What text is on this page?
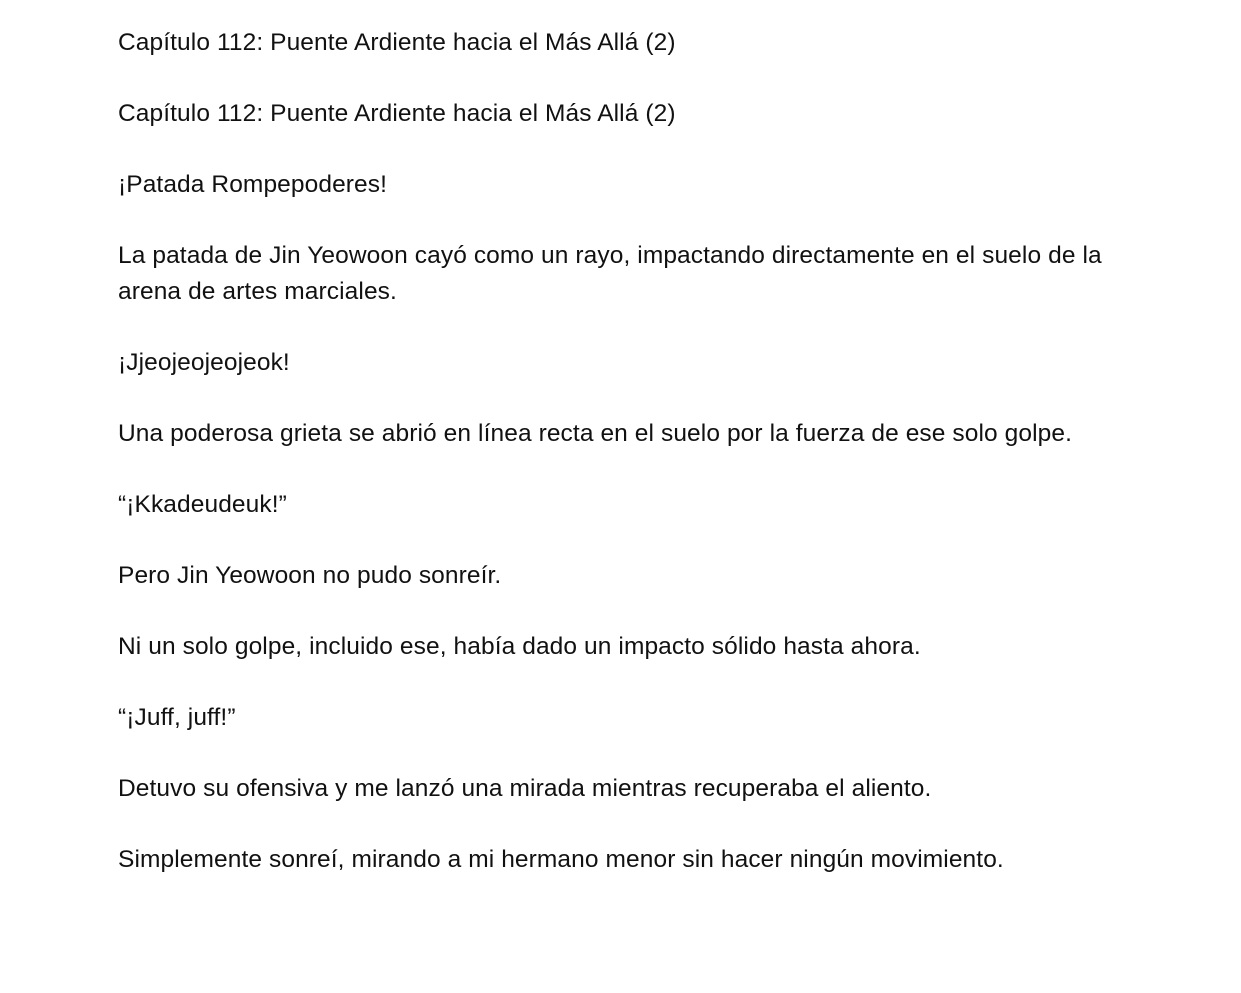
Capítulo 112: Puente Ardiente hacia el Más Allá (2)

Capítulo 112: Puente Ardiente hacia el Más Allá (2)

¡Patada Rompepoderes!

La patada de Jin Yeowoon cayó como un rayo, impactando directamente en el suelo de la arena de artes marciales.

¡Jjeojeojeojeok!

Una poderosa grieta se abrió en línea recta en el suelo por la fuerza de ese solo golpe.

“¡Kkadeudeuk!”

Pero Jin Yeowoon no pudo sonreír.

Ni un solo golpe, incluido ese, había dado un impacto sólido hasta ahora.

“¡Juff, juff!”

Detuvo su ofensiva y me lanzó una mirada mientras recuperaba el aliento.

Simplemente sonreí, mirando a mi hermano menor sin hacer ningún movimiento.
